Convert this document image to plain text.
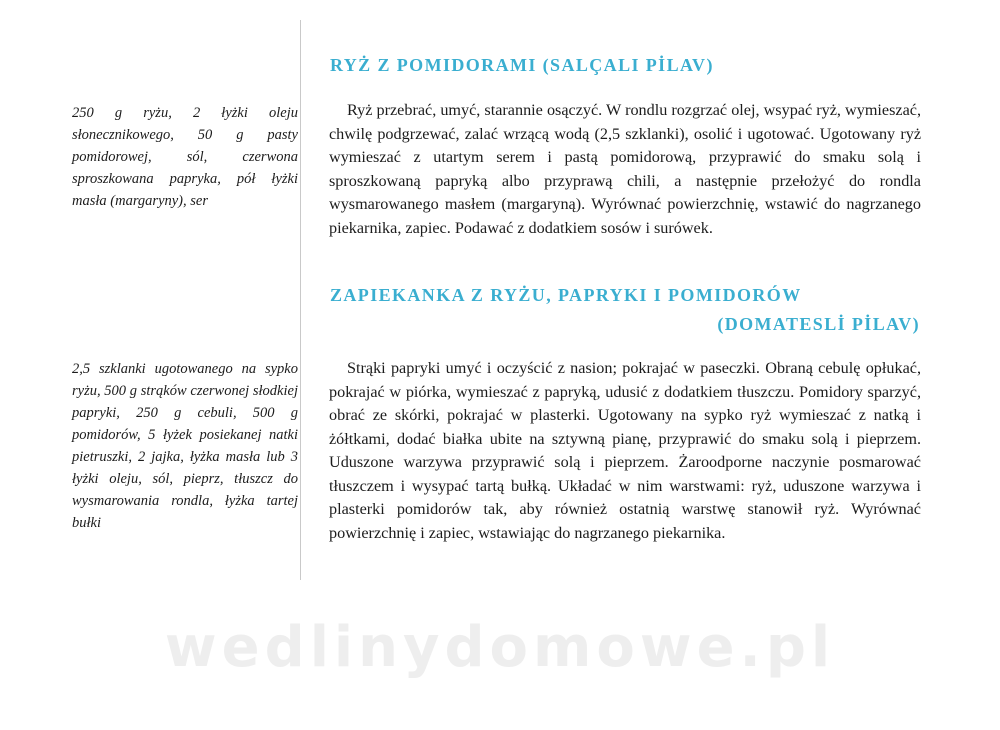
RYŻ Z POMIDORAMI (SALÇALI PİLAV)

250 g ryżu, 2 łyżki oleju słonecznikowego, 50 g pasty pomidorowej, sól, czerwona sproszkowana papryka, pół łyżki masła (margaryny), ser

Ryż przebrać, umyć, starannie osączyć. W rondlu rozgrzać olej, wsypać ryż, wymieszać, chwilę podgrzewać, zalać wrzącą wodą (2,5 szklanki), osolić i ugotować. Ugotowany ryż wymieszać z utartym serem i pastą pomidorową, przyprawić do smaku solą i sproszkowaną papryką albo przyprawą chili, a następnie przełożyć do rondla wysmarowanego masłem (margaryną). Wyrównać powierzchnię, wstawić do nagrzanego piekarnika, zapiec. Podawać z dodatkiem sosów i surówek.

ZAPIEKANKA Z RYŻU, PAPRYKI I POMIDORÓW
(DOMATESLİ PİLAV)

2,5 szklanki ugotowanego na sypko ryżu, 500 g strąków czerwonej słodkiej papryki, 250 g cebuli, 500 g pomidorów, 5 łyżek posiekanej natki pietruszki, 2 jajka, łyżka masła lub 3 łyżki oleju, sól, pieprz, tłuszcz do wysmarowania rondla, łyżka tartej bułki

Strąki papryki umyć i oczyścić z nasion; pokrajać w paseczki. Obraną cebulę opłukać, pokrajać w piórka, wymieszać z papryką, udusić z dodatkiem tłuszczu. Pomidory sparzyć, obrać ze skórki, pokrajać w plasterki. Ugotowany na sypko ryż wymieszać z natką i żółtkami, dodać białka ubite na sztywną pianę, przyprawić do smaku solą i pieprzem. Uduszone warzywa przyprawić solą i pieprzem. Żaroodporne naczynie posmarować tłuszczem i wysypać tartą bułką. Układać w nim warstwami: ryż, uduszone warzywa i plasterki pomidorów tak, aby również ostatnią warstwę stanowił ryż. Wyrównać powierzchnię i zapiec, wstawiając do nagrzanego piekarnika.

wedlinydomowe.pl
